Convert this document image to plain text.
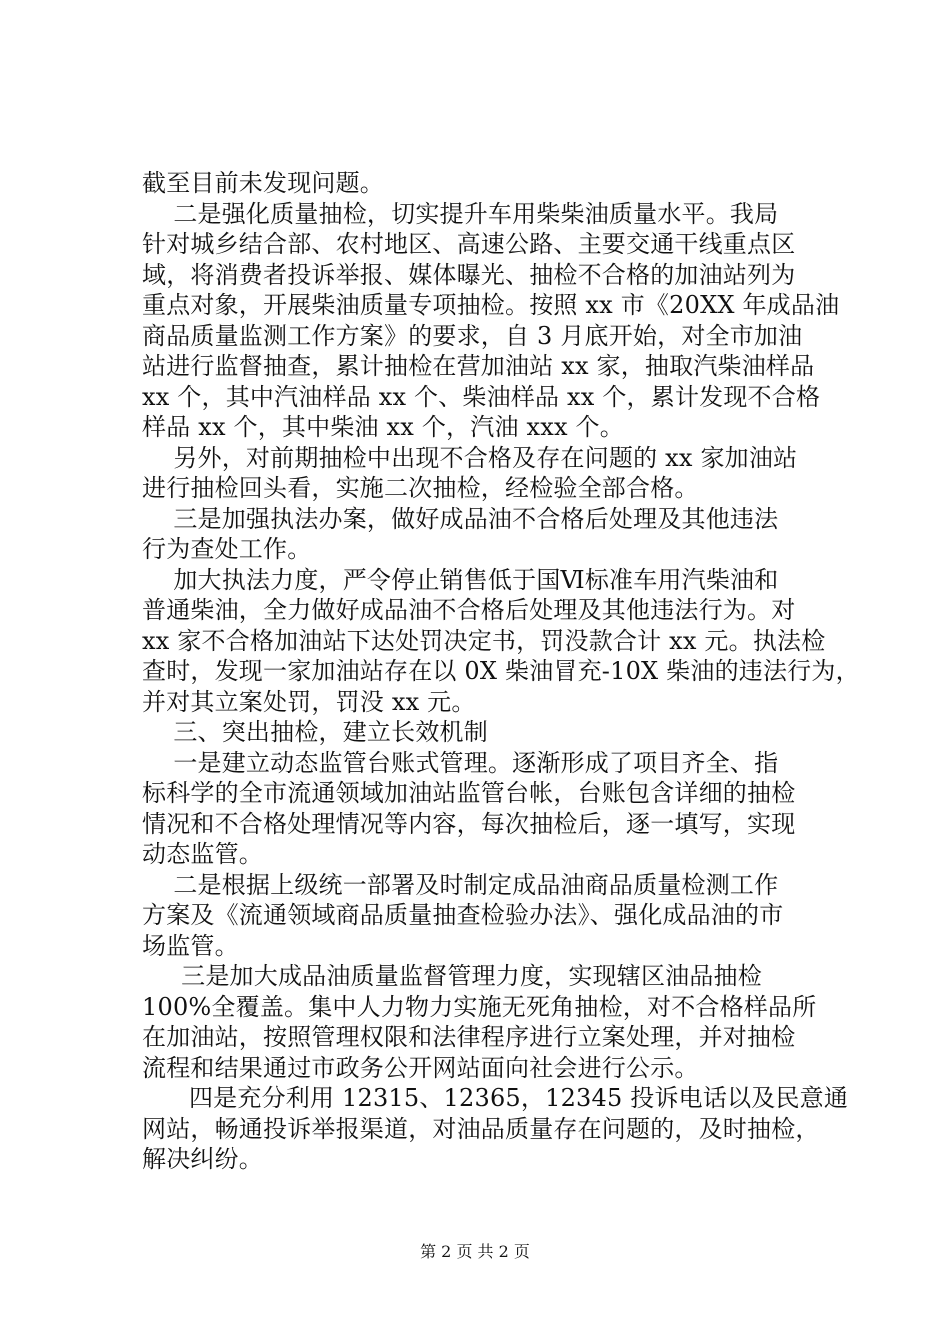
截至目前未发现问题。
二是强化质量抽检，切实提升车用柴柴油质量水平。我局
针对城乡结合部、农村地区、高速公路、主要交通干线重点区
域，将消费者投诉举报、媒体曝光、抽检不合格的加油站列为
重点对象，开展柴油质量专项抽检。按照 xx 市《20XX 年成品油
商品质量监测工作方案》的要求，自 3 月底开始，对全市加油
站进行监督抽查，累计抽检在营加油站 xx 家，抽取汽柴油样品
xx 个，其中汽油样品 xx 个、柴油样品 xx 个，累计发现不合格
样品 xx 个，其中柴油 xx 个，汽油 xxx 个。
另外，对前期抽检中出现不合格及存在问题的 xx 家加油站
进行抽检回头看，实施二次抽检，经检验全部合格。
三是加强执法办案，做好成品油不合格后处理及其他违法
行为查处工作。
加大执法力度，严令停止销售低于国Ⅵ标准车用汽柴油和
普通柴油，全力做好成品油不合格后处理及其他违法行为。对
xx 家不合格加油站下达处罚决定书，罚没款合计 xx 元。执法检
查时，发现一家加油站存在以 0X 柴油冒充-10X 柴油的违法行为，
并对其立案处罚，罚没 xx 元。
三、突出抽检，建立长效机制
一是建立动态监管台账式管理。逐渐形成了项目齐全、指
标科学的全市流通领域加油站监管台帐，台账包含详细的抽检
情况和不合格处理情况等内容，每次抽检后，逐一填写，实现
动态监管。
二是根据上级统一部署及时制定成品油商品质量检测工作
方案及《流通领域商品质量抽查检验办法》、强化成品油的市
场监管。
三是加大成品油质量监督管理力度，实现辖区油品抽检
100%全覆盖。集中人力物力实施无死角抽检，对不合格样品所
在加油站，按照管理权限和法律程序进行立案处理，并对抽检
流程和结果通过市政务公开网站面向社会进行公示。
四是充分利用 12315、12365，12345 投诉电话以及民意通
网站，畅通投诉举报渠道，对油品质量存在问题的，及时抽检，
解决纠纷。
第 2 页 共 2 页
